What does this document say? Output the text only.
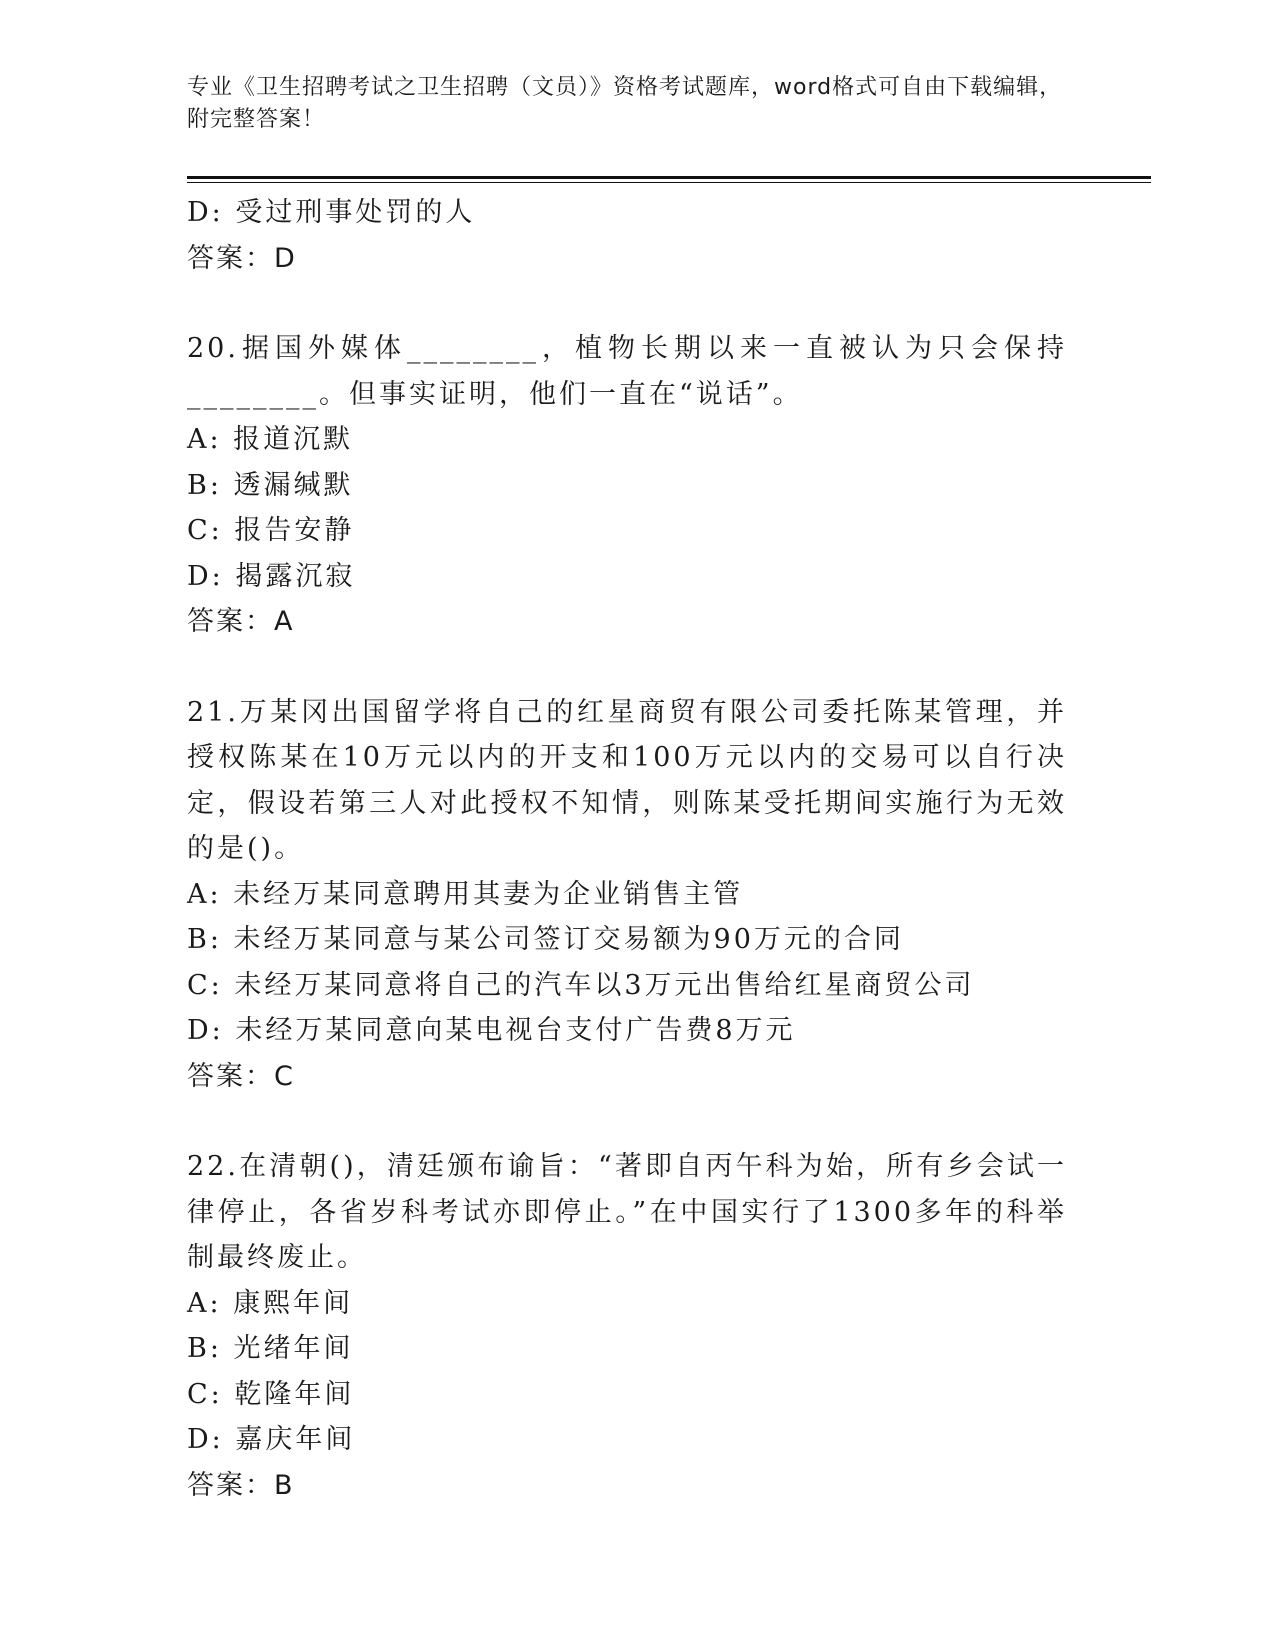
专业《卫生招聘考试之卫生招聘（文员）》资格考试题库，word格式可自由下载编辑，附完整答案！
D: 受过刑事处罚的人
答案：D
20.据国外媒体________，植物长期以来一直被认为只会保持________。但事实证明，他们一直在“说话”。
A: 报道沉默
B: 透漏缄默
C: 报告安静
D: 揭露沉寂
答案：A
21.万某冈出国留学将自己的红星商贸有限公司委托陈某管理，并授权陈某在10万元以内的开支和100万元以内的交易可以自行决定，假设若第三人对此授权不知情，则陈某受托期间实施行为无效的是()。
A: 未经万某同意聘用其妻为企业销售主管
B: 未经万某同意与某公司签订交易额为90万元的合同
C: 未经万某同意将自己的汽车以3万元出售给红星商贸公司
D: 未经万某同意向某电视台支付广告费8万元
答案：C
22.在清朝()，清廷颁布谕旨：“著即自丙午科为始，所有乡会试一律停止，各省岁科考试亦即停止。”在中国实行了1300多年的科举制最终废止。
A: 康熙年间
B: 光绪年间
C: 乾隆年间
D: 嘉庆年间
答案：B
